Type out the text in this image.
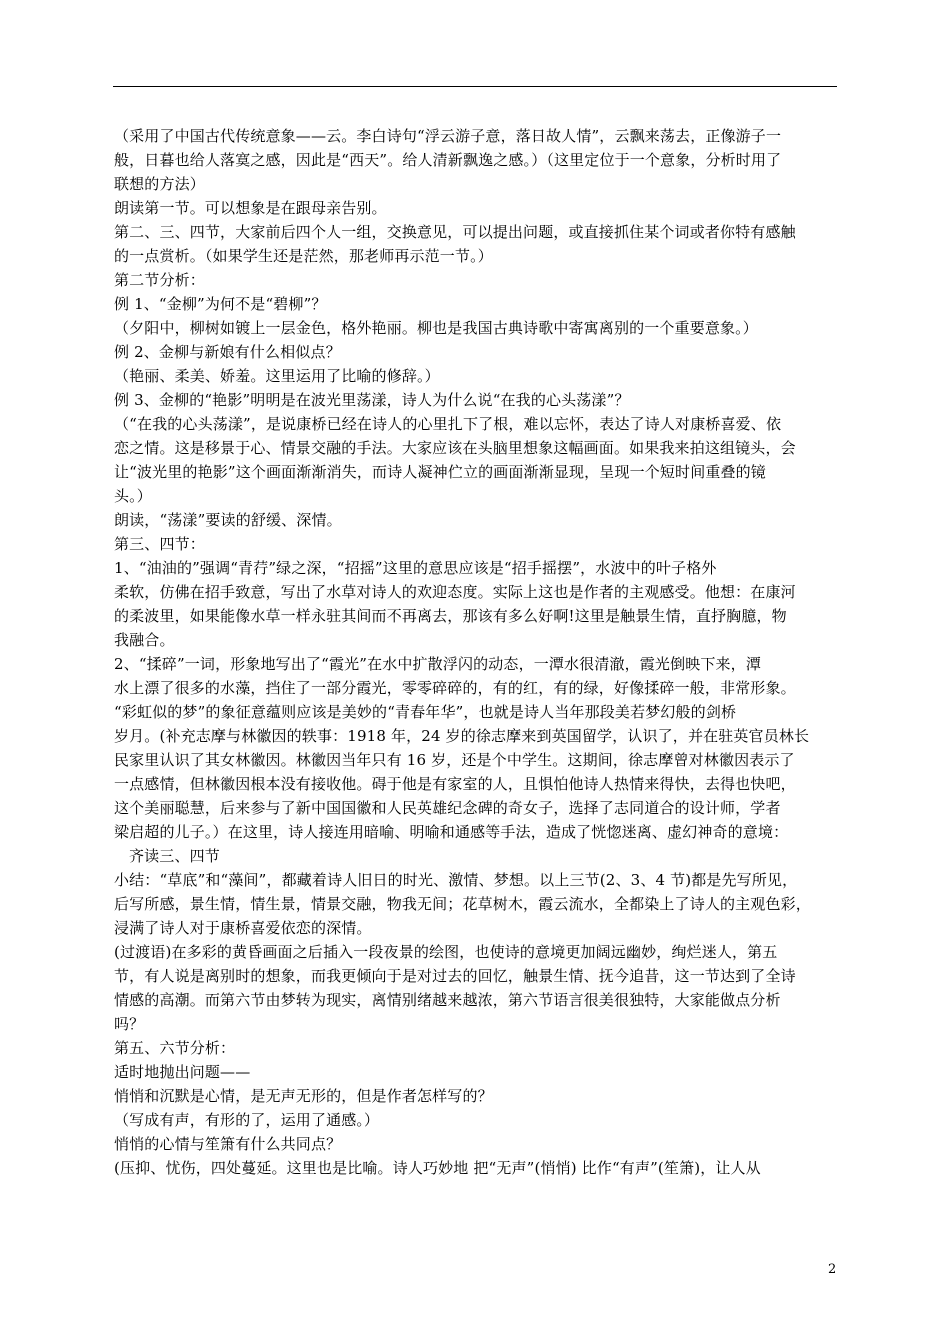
（采用了中国古代传统意象——云。李白诗句“浮云游子意，落日故人情”，云飘来荡去，正像游子一

般，日暮也给人落寞之感，因此是“西天”。给人清新飘逸之感。）（这里定位于一个意象，分析时用了

联想的方法）

朗读第一节。可以想象是在跟母亲告别。

第二、三、四节，大家前后四个人一组，交换意见，可以提出问题，或直接抓住某个词或者你特有感触

的一点赏析。（如果学生还是茫然，那老师再示范一节。）

第二节分析：

例 1、“金柳”为何不是“碧柳”？

（夕阳中，柳树如镀上一层金色，格外艳丽。柳也是我国古典诗歌中寄寓离别的一个重要意象。）

例 2、金柳与新娘有什么相似点？

（艳丽、柔美、娇羞。这里运用了比喻的修辞。）

例 3、金柳的“艳影”明明是在波光里荡漾，诗人为什么说“在我的心头荡漾”？

（“在我的心头荡漾”，是说康桥已经在诗人的心里扎下了根，难以忘怀，表达了诗人对康桥喜爱、依

恋之情。这是移景于心、情景交融的手法。大家应该在头脑里想象这幅画面。如果我来拍这组镜头，会

让“波光里的艳影”这个画面渐渐消失，而诗人凝神伫立的画面渐渐显现，呈现一个短时间重叠的镜

头。）

朗读，“荡漾”要读的舒缓、深情。

第三、四节：

1、“油油的”强调“青荇”绿之深，“招摇”这里的意思应该是“招手摇摆”，水波中的叶子格外

柔软，仿佛在招手致意，写出了水草对诗人的欢迎态度。实际上这也是作者的主观感受。他想：在康河

的柔波里，如果能像水草一样永驻其间而不再离去，那该有多么好啊!这里是触景生情，直抒胸臆，物

我融合。

2、“揉碎”一词，形象地写出了“霞光”在水中扩散浮闪的动态，一潭水很清澈，霞光倒映下来，潭

水上漂了很多的水藻，挡住了一部分霞光，零零碎碎的，有的红，有的绿，好像揉碎一般，非常形象。

“彩虹似的梦”的象征意蕴则应该是美妙的“青春年华”，也就是诗人当年那段美若梦幻般的剑桥

岁月。(补充志摩与林徽因的轶事：1918 年，24 岁的徐志摩来到英国留学，认识了，并在驻英官员林长

民家里认识了其女林徽因。林徽因当年只有 16 岁，还是个中学生。这期间，徐志摩曾对林徽因表示了

一点感情，但林徽因根本没有接收他。碍于他是有家室的人，且惧怕他诗人热情来得快，去得也快吧，

这个美丽聪慧，后来参与了新中国国徽和人民英雄纪念碑的奇女子，选择了志同道合的设计师，学者

梁启超的儿子。）在这里，诗人接连用暗喻、明喻和通感等手法，造成了恍惚迷离、虚幻神奇的意境：

齐读三、四节

小结：“草底”和“藻间”，都藏着诗人旧日的时光、激情、梦想。以上三节(2、3、4 节)都是先写所见，

后写所感，景生情，情生景，情景交融，物我无间；花草树木，霞云流水，全都染上了诗人的主观色彩，

浸满了诗人对于康桥喜爱依恋的深情。

(过渡语)在多彩的黄昏画面之后插入一段夜景的绘图，也使诗的意境更加阔远幽妙，绚烂迷人，第五

节，有人说是离别时的想象，而我更倾向于是对过去的回忆，触景生情、抚今追昔，这一节达到了全诗

情感的高潮。而第六节由梦转为现实，离情别绪越来越浓，第六节语言很美很独特，大家能做点分析

吗？

第五、六节分析：

适时地抛出问题——

悄悄和沉默是心情，是无声无形的，但是作者怎样写的？

（写成有声，有形的了，运用了通感。）

悄悄的心情与笙箫有什么共同点？

(压抑、忧伤，四处蔓延。这里也是比喻。诗人巧妙地 把“无声”(悄悄) 比作“有声”(笙箫)，让人从

2
